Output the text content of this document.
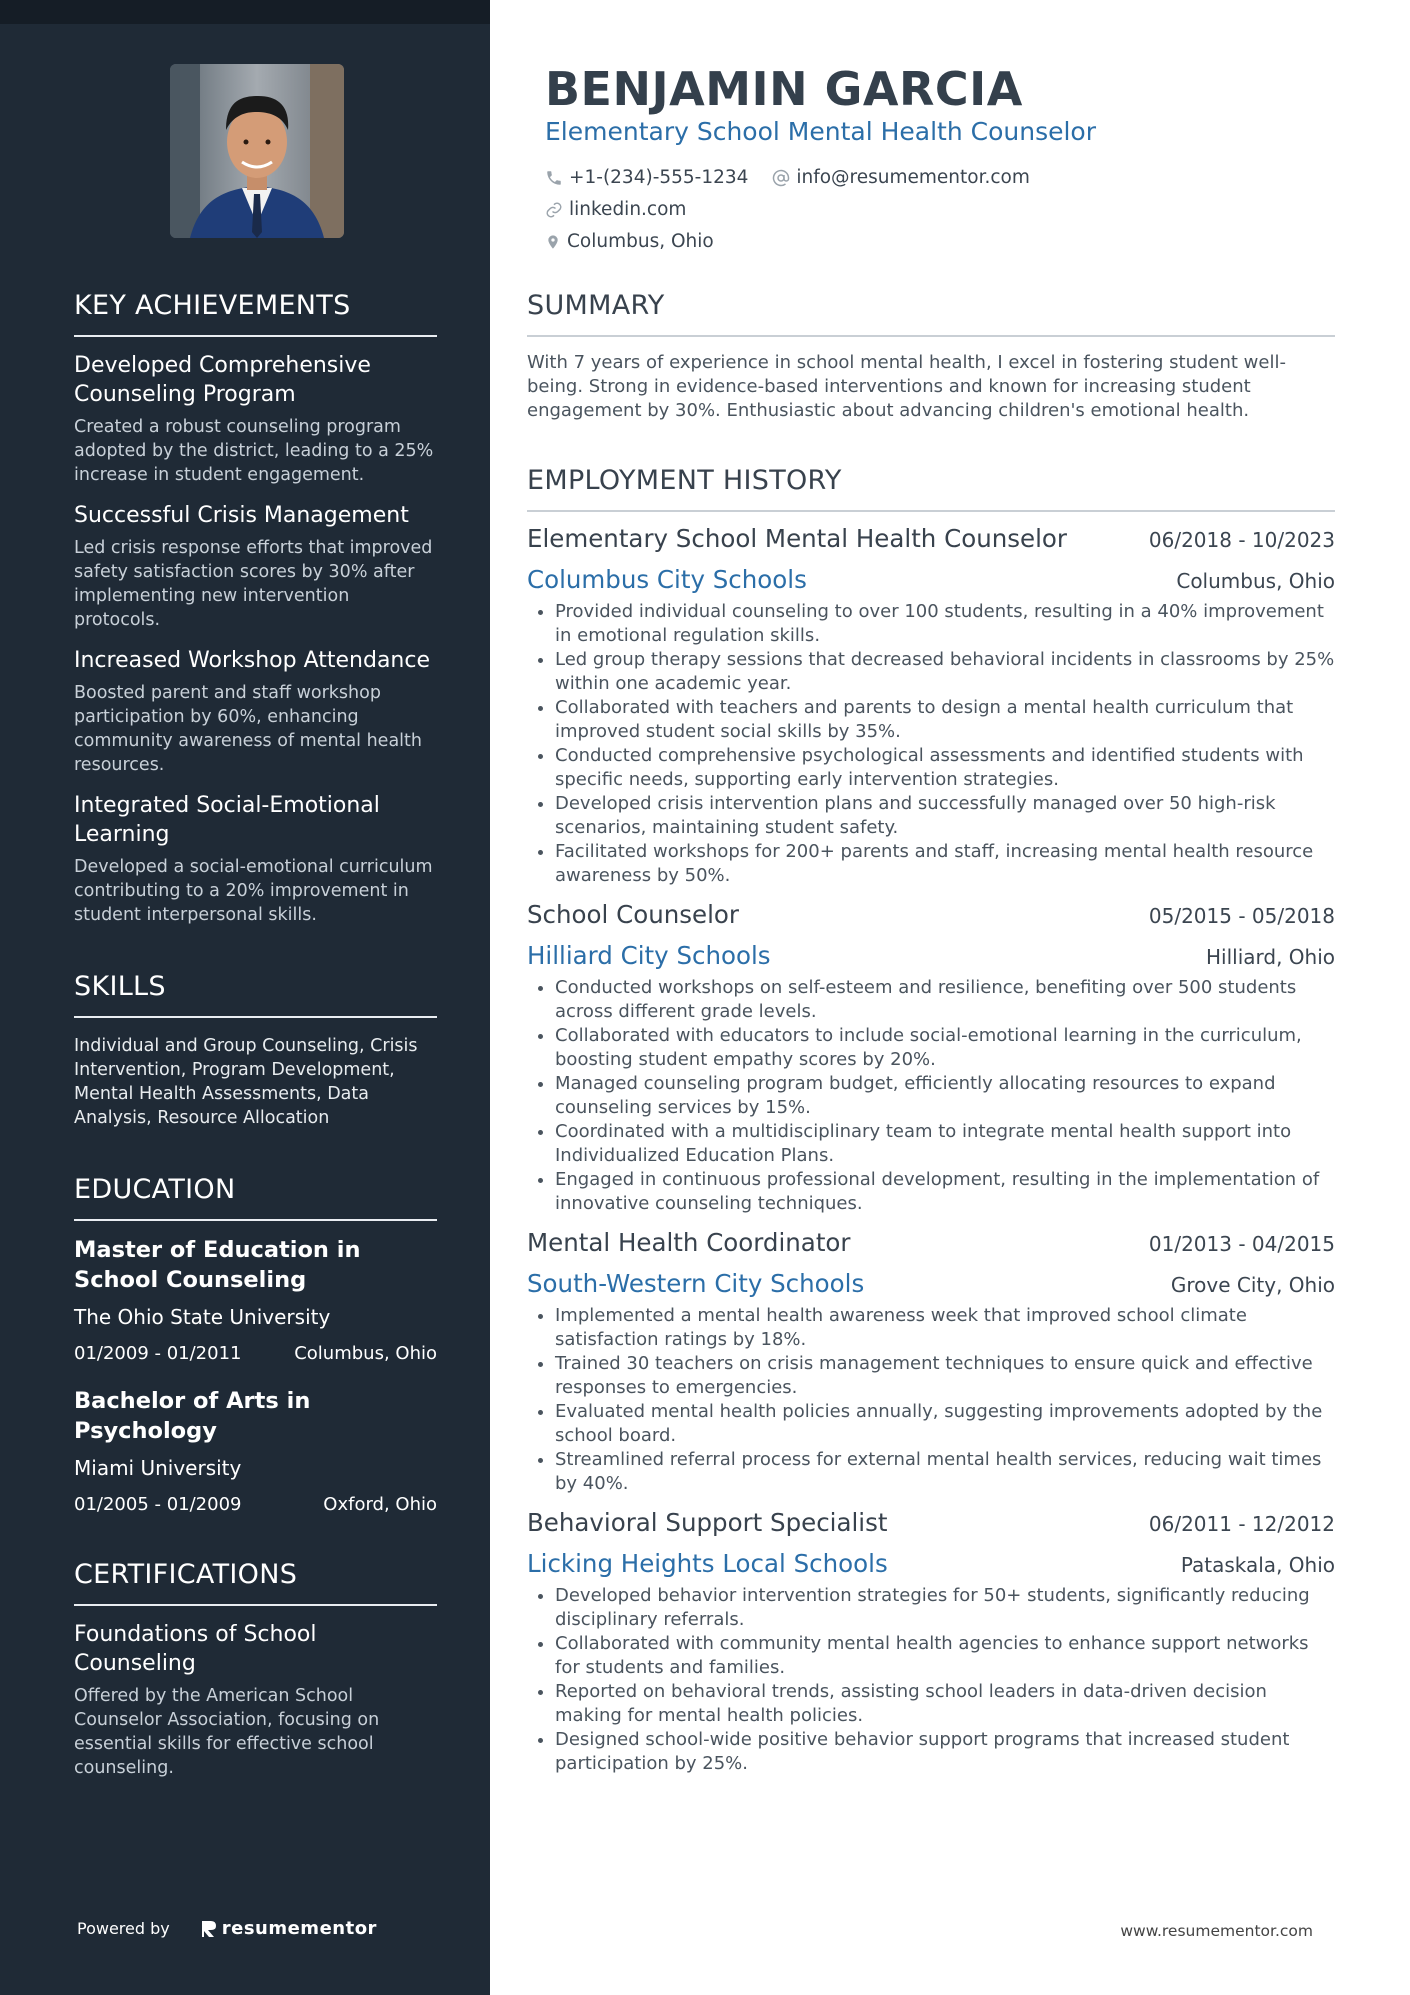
KEY ACHIEVEMENTS
Developed Comprehensive Counseling Program
Created a robust counseling program adopted by the district, leading to a 25% increase in student engagement.
Successful Crisis Management
Led crisis response efforts that improved safety satisfaction scores by 30% after implementing new intervention protocols.
Increased Workshop Attendance
Boosted parent and staff workshop participation by 60%, enhancing community awareness of mental health resources.
Integrated Social-Emotional Learning
Developed a social-emotional curriculum contributing to a 20% improvement in student interpersonal skills.
SKILLS
Individual and Group Counseling, Crisis Intervention, Program Development, Mental Health Assessments, Data Analysis, Resource Allocation
EDUCATION
Master of Education in School Counseling
The Ohio State University
01/2009 - 01/2011	Columbus, Ohio
Bachelor of Arts in Psychology
Miami University
01/2005 - 01/2009	Oxford, Ohio
CERTIFICATIONS
Foundations of School Counseling
Offered by the American School Counselor Association, focusing on essential skills for effective school counseling.
Powered by	resumementor
BENJAMIN GARCIA
Elementary School Mental Health Counselor
+1-(234)-555-1234
	info@resumementor.com

linkedin.com

Columbus, Ohio
SUMMARY

With 7 years of experience in school mental health, I excel in fostering student well-being. Strong in evidence-based interventions and known for increasing student engagement by 30%. Enthusiastic about advancing children's emotional health.

EMPLOYMENT HISTORY
Elementary School Mental Health Counselor	06/2018 - 10/2023
Columbus City Schools	Columbus, Ohio
• Provided individual counseling to over 100 students, resulting in a 40% improvement in emotional regulation skills.
• Led group therapy sessions that decreased behavioral incidents in classrooms by 25% within one academic year.
• Collaborated with teachers and parents to design a mental health curriculum that improved student social skills by 35%.
• Conducted comprehensive psychological assessments and identified students with specific needs, supporting early intervention strategies.
• Developed crisis intervention plans and successfully managed over 50 high-risk scenarios, maintaining student safety.
• Facilitated workshops for 200+ parents and staff, increasing mental health resource awareness by 50%.
School Counselor	05/2015 - 05/2018
Hilliard City Schools	Hilliard, Ohio
• Conducted workshops on self-esteem and resilience, benefiting over 500 students across different grade levels.
• Collaborated with educators to include social-emotional learning in the curriculum, boosting student empathy scores by 20%.
• Managed counseling program budget, efficiently allocating resources to expand counseling services by 15%.
• Coordinated with a multidisciplinary team to integrate mental health support into Individualized Education Plans.
• Engaged in continuous professional development, resulting in the implementation of innovative counseling techniques.
Mental Health Coordinator	01/2013 - 04/2015
South-Western City Schools	Grove City, Ohio
• Implemented a mental health awareness week that improved school climate satisfaction ratings by 18%.
• Trained 30 teachers on crisis management techniques to ensure quick and effective responses to emergencies.
• Evaluated mental health policies annually, suggesting improvements adopted by the school board.
• Streamlined referral process for external mental health services, reducing wait times by 40%.
Behavioral Support Specialist	06/2011 - 12/2012
Licking Heights Local Schools	Pataskala, Ohio
• Developed behavior intervention strategies for 50+ students, significantly reducing disciplinary referrals.
• Collaborated with community mental health agencies to enhance support networks for students and families.
• Reported on behavioral trends, assisting school leaders in data-driven decision making for mental health policies.
• Designed school-wide positive behavior support programs that increased student participation by 25%.
www.resumementor.com
